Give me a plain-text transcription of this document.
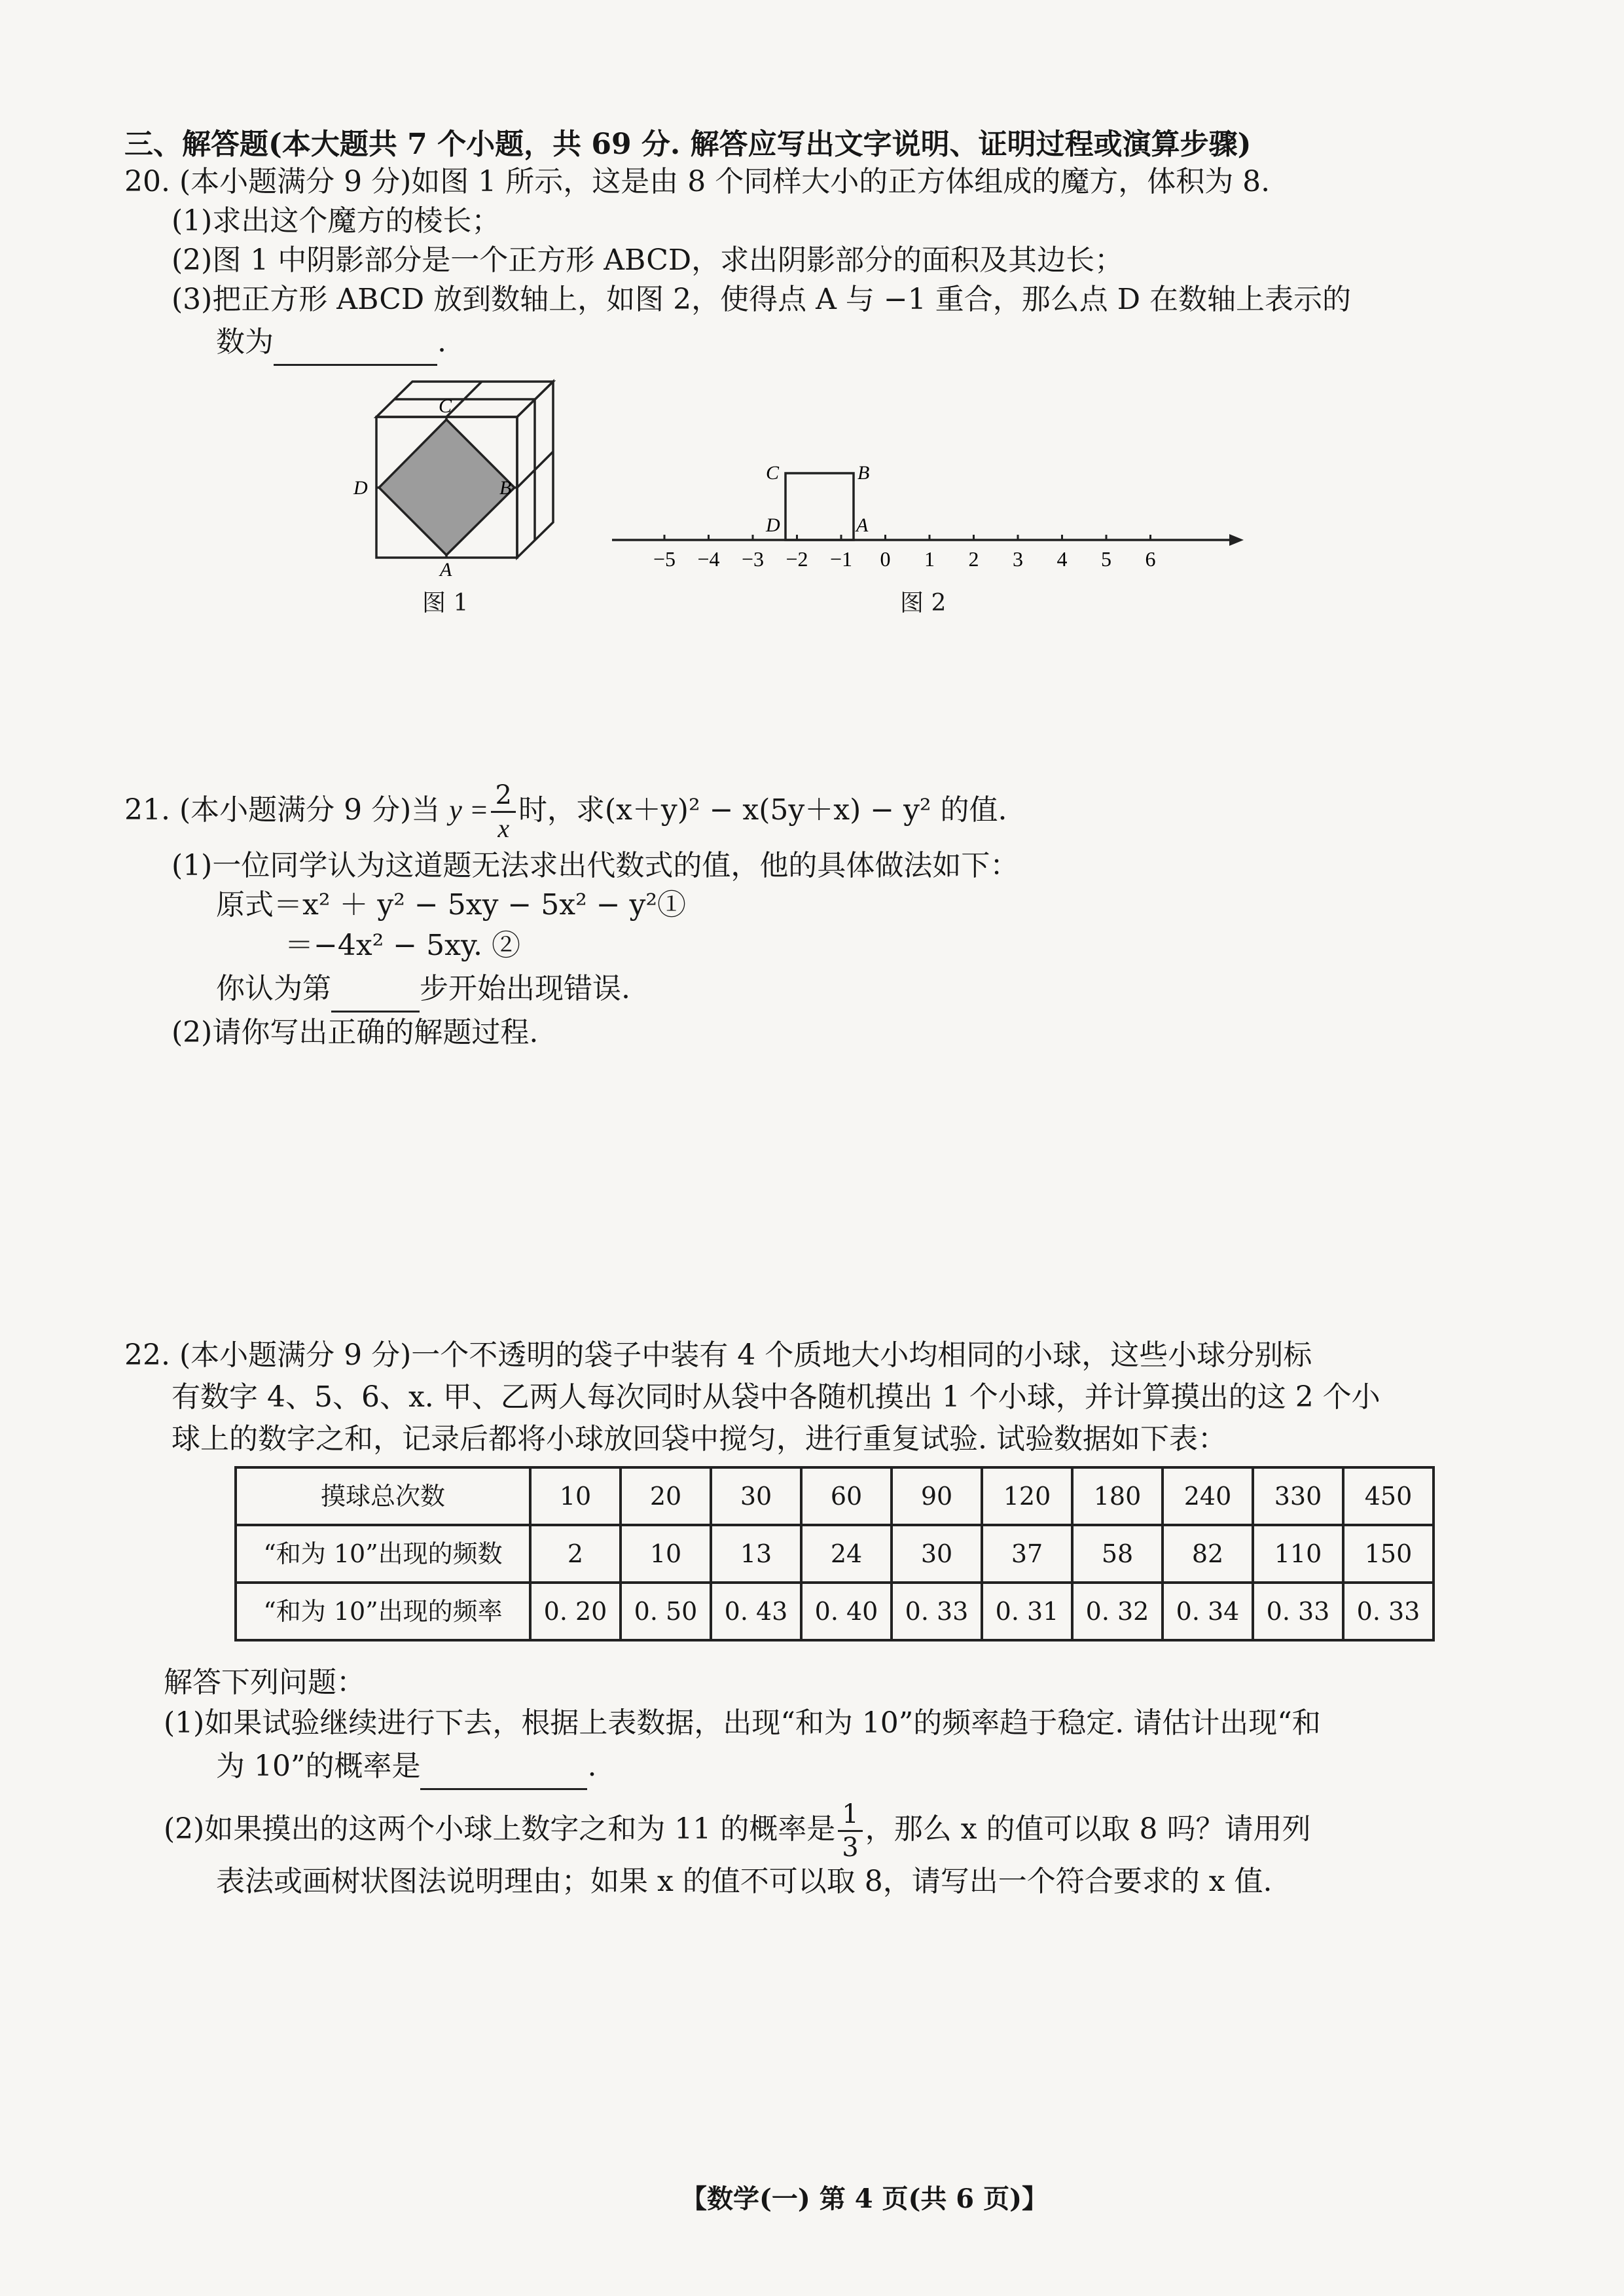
三、解答题(本大题共 7 个小题，共 69 分. 解答应写出文字说明、证明过程或演算步骤)
20. (本小题满分 9 分)如图 1 所示，这是由 8 个同样大小的正方体组成的魔方，体积为 8.
(1)求出这个魔方的棱长；
(2)图 1 中阴影部分是一个正方形 ABCD，求出阴影部分的面积及其边长；
(3)把正方形 ABCD 放到数轴上，如图 2，使得点 A 与 −1 重合，那么点 D 在数轴上表示的
数为	.
C
B
D
A
图 1
−5 −4 −3 −2 −1 0 1 2 3 4 5 6
C	B
D	A
图 2
21. (本小题满分 9 分)当 $y = \frac{2}{x}$ 时，求(x＋y)² − x(5y＋x) − y² 的值.
(1)一位同学认为这道题无法求出代数式的值，他的具体做法如下：
原式＝x² ＋ y² − 5xy − 5x² − y²①
＝−4x² − 5xy. ②
你认为第	步开始出现错误.
(2)请你写出正确的解题过程.
22. (本小题满分 9 分)一个不透明的袋子中装有 4 个质地大小均相同的小球，这些小球分别标
有数字 4、5、6、x. 甲、乙两人每次同时从袋中各随机摸出 1 个小球，并计算摸出的这 2 个小
球上的数字之和，记录后都将小球放回袋中搅匀，进行重复试验. 试验数据如下表：
摸球总次数	10	20	30	60	90	120	180	240	330	450
“和为 10”出现的频数	2	10	13	24	30	37	58	82	110	150
“和为 10”出现的频率	0. 20	0. 50	0. 43	0. 40	0. 33	0. 31	0. 32	0. 34	0. 33	0. 33
解答下列问题：
(1)如果试验继续进行下去，根据上表数据，出现“和为 10”的频率趋于稳定. 请估计出现“和
为 10”的概率是	.
(2)如果摸出的这两个小球上数字之和为 11 的概率是 $\frac{1}{3}$ ，那么 x 的值可以取 8 吗？请用列
表法或画树状图法说明理由；如果 x 的值不可以取 8，请写出一个符合要求的 x 值.
【数学(一) 第 4 页(共 6 页)】
